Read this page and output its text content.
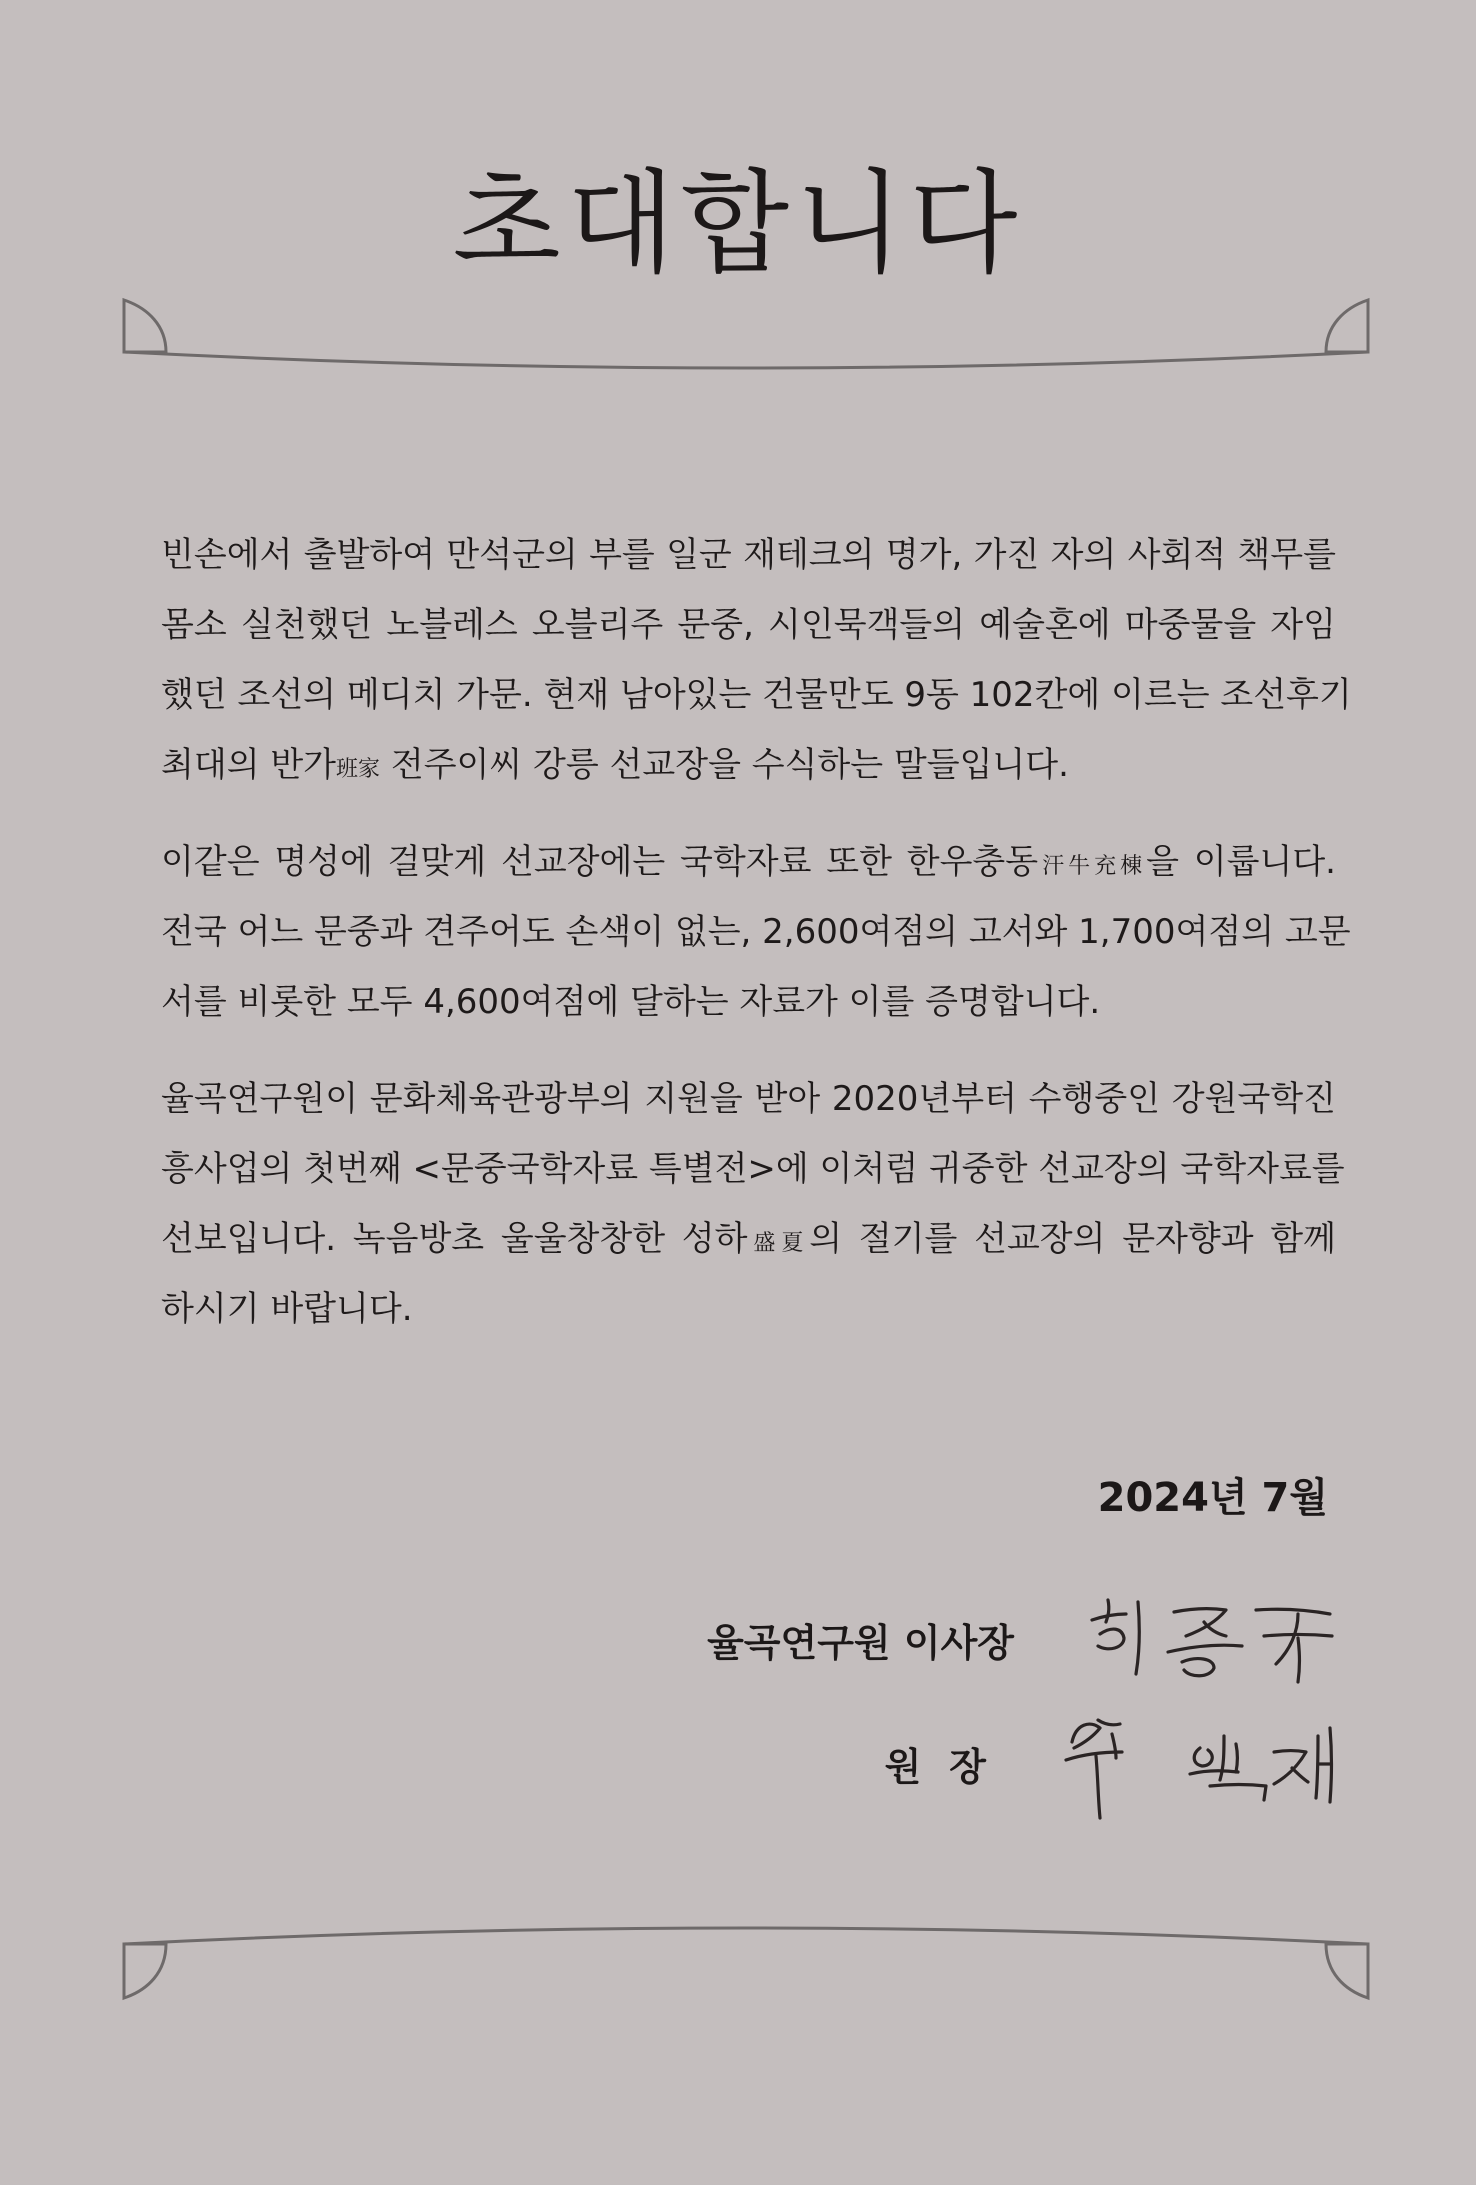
초대합니다
빈손에서 출발하여 만석군의 부를 일군 재테크의 명가, 가진 자의 사회적 책무를
몸소 실천했던 노블레스 오블리주 문중, 시인묵객들의 예술혼에 마중물을 자임
했던 조선의 메디치 가문. 현재 남아있는 건물만도 9동 102칸에 이르는 조선후기
최대의 반가班家 전주이씨 강릉 선교장을 수식하는 말들입니다.
이같은 명성에 걸맞게 선교장에는 국학자료 또한 한우충동汗牛充棟을 이룹니다.
전국 어느 문중과 견주어도 손색이 없는, 2,600여점의 고서와 1,700여점의 고문
서를 비롯한 모두 4,600여점에 달하는 자료가 이를 증명합니다.
율곡연구원이 문화체육관광부의 지원을 받아 2020년부터 수행중인 강원국학진
흥사업의 첫번째 <문중국학자료 특별전>에 이처럼 귀중한 선교장의 국학자료를
선보입니다. 녹음방초 울울창창한 성하盛夏의 절기를 선교장의 문자향과 함께
하시기 바랍니다.
2024년 7월
율곡연구원 이사장
원장
